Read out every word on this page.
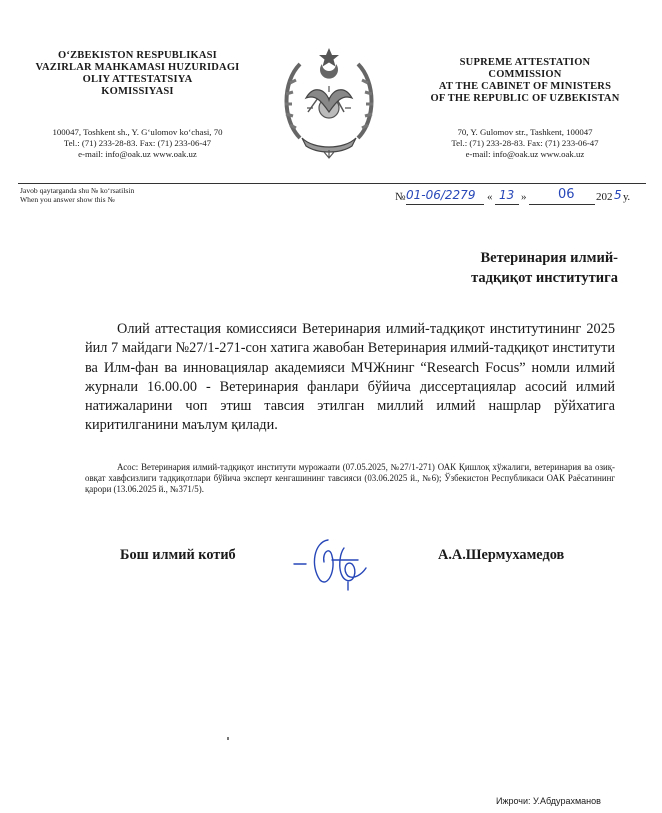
O‘ZBEKISTON RESPUBLIKASI
VAZIRLAR MAHKAMASI HUZURIDAGI
OLIY ATTESTATSIYA
KOMISSIYASI
100047, Toshkent sh., Y. G‘ulomov ko‘chasi, 70
Tel.: (71) 233-28-83. Fax: (71) 233-06-47
e-mail: info@oak.uz www.oak.uz
SUPREME ATTESTATION
COMMISSION
AT THE CABINET OF MINISTERS
OF THE REPUBLIC OF UZBEKISTAN
70, Y. Gulomov str., Tashkent, 100047
Tel.: (71) 233-28-83. Fax: (71) 233-06-47
e-mail: info@oak.uz www.oak.uz
Javob qaytarganda shu № ko‘rsatilsin
When you answer show this №	№ 01-06/2279 « 13 » 06 202 5 у.
Ветеринария илмий-
тадқиқот институтига
Олий аттестация комиссияси Ветеринария илмий-тадқиқот институтининг 2025 йил 7 майдаги №27/1-271-сон хатига жавобан Ветеринария илмий-тадқиқот институти ва Илм-фан ва инновациялар академияси МЧЖнинг “Research Focus” номли илмий журнали 16.00.00 - Ветеринария фанлари бўйича диссертациялар асосий илмий натижаларини чоп этиш тавсия этилган миллий илмий нашрлар рўйхатига киритилганини маълум қилади.
Асос: Ветеринария илмий-тадқиқот институти мурожаати (07.05.2025, №27/1-271) ОАК Қишлоқ хўжалиги, ветеринария ва озиқ-овқат хавфсизлиги тадқиқотлари бўйича эксперт кенгашининг тавсияси (03.06.2025 й., №6); Ўзбекистон Республикаси ОАК Раёсатининг қарори (13.06.2025 й., №371/5).
Бош илмий котиб	А.А.Шермухамедов
Ижрочи: У.Абдурахманов
